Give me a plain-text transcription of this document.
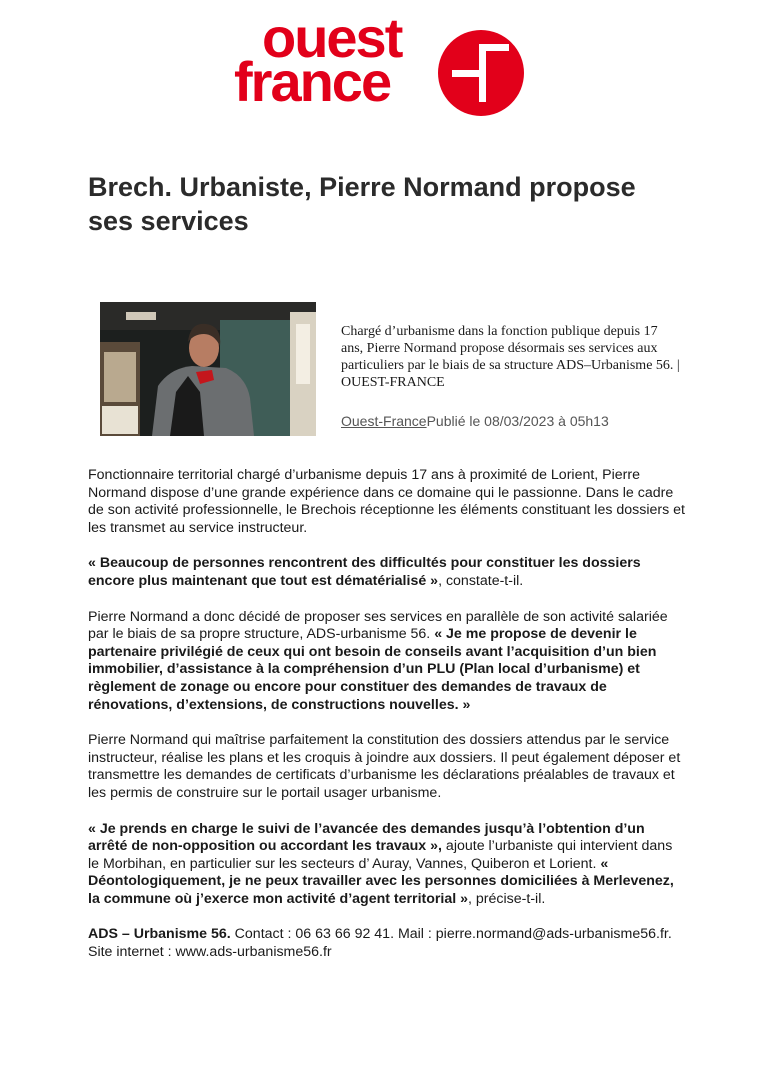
ouest
france
Brech. Urbaniste, Pierre Normand propose ses services
Chargé d’urbanisme dans la fonction publique depuis 17 ans, Pierre Normand propose désormais ses services aux particuliers par le biais de sa structure ADS–Urbanisme 56. | OUEST-FRANCE
Ouest-FrancePublié le 08/03/2023 à 05h13

Fonctionnaire territorial chargé d’urbanisme depuis 17 ans à proximité de Lorient, Pierre Normand dispose d’une grande expérience dans ce domaine qui le passionne. Dans le cadre de son activité professionnelle, le Brechois réceptionne les éléments constituant les dossiers et les transmet au service instructeur.

« Beaucoup de personnes rencontrent des difficultés pour constituer les dossiers encore plus maintenant que tout est dématérialisé », constate-t-il.

Pierre Normand a donc décidé de proposer ses services en parallèle de son activité salariée par le biais de sa propre structure, ADS-urbanisme 56. « Je me propose de devenir le partenaire privilégié de ceux qui ont besoin de conseils avant l’acquisition d’un bien immobilier, d’assistance à la compréhension d’un PLU (Plan local d’urbanisme) et règlement de zonage ou encore pour constituer des demandes de travaux de rénovations, d’extensions, de constructions nouvelles. »

Pierre Normand qui maîtrise parfaitement la constitution des dossiers attendus par le service instructeur, réalise les plans et les croquis à joindre aux dossiers. Il peut également déposer et transmettre les demandes de certificats d’urbanisme les déclarations préalables de travaux et les permis de construire sur le portail usager urbanisme.

« Je prends en charge le suivi de l’avancée des demandes jusqu’à l’obtention d’un arrêté de non-opposition ou accordant les travaux », ajoute l’urbaniste qui intervient dans le Morbihan, en particulier sur les secteurs d’ Auray, Vannes, Quiberon et Lorient. « Déontologiquement, je ne peux travailler avec les personnes domiciliées à Merlevenez, la commune où j’exerce mon activité d’agent territorial », précise-t-il.

ADS – Urbanisme 56. Contact : 06 63 66 92 41. Mail : pierre.normand@ads-urbanisme56.fr. Site internet : www.ads-urbanisme56.fr
